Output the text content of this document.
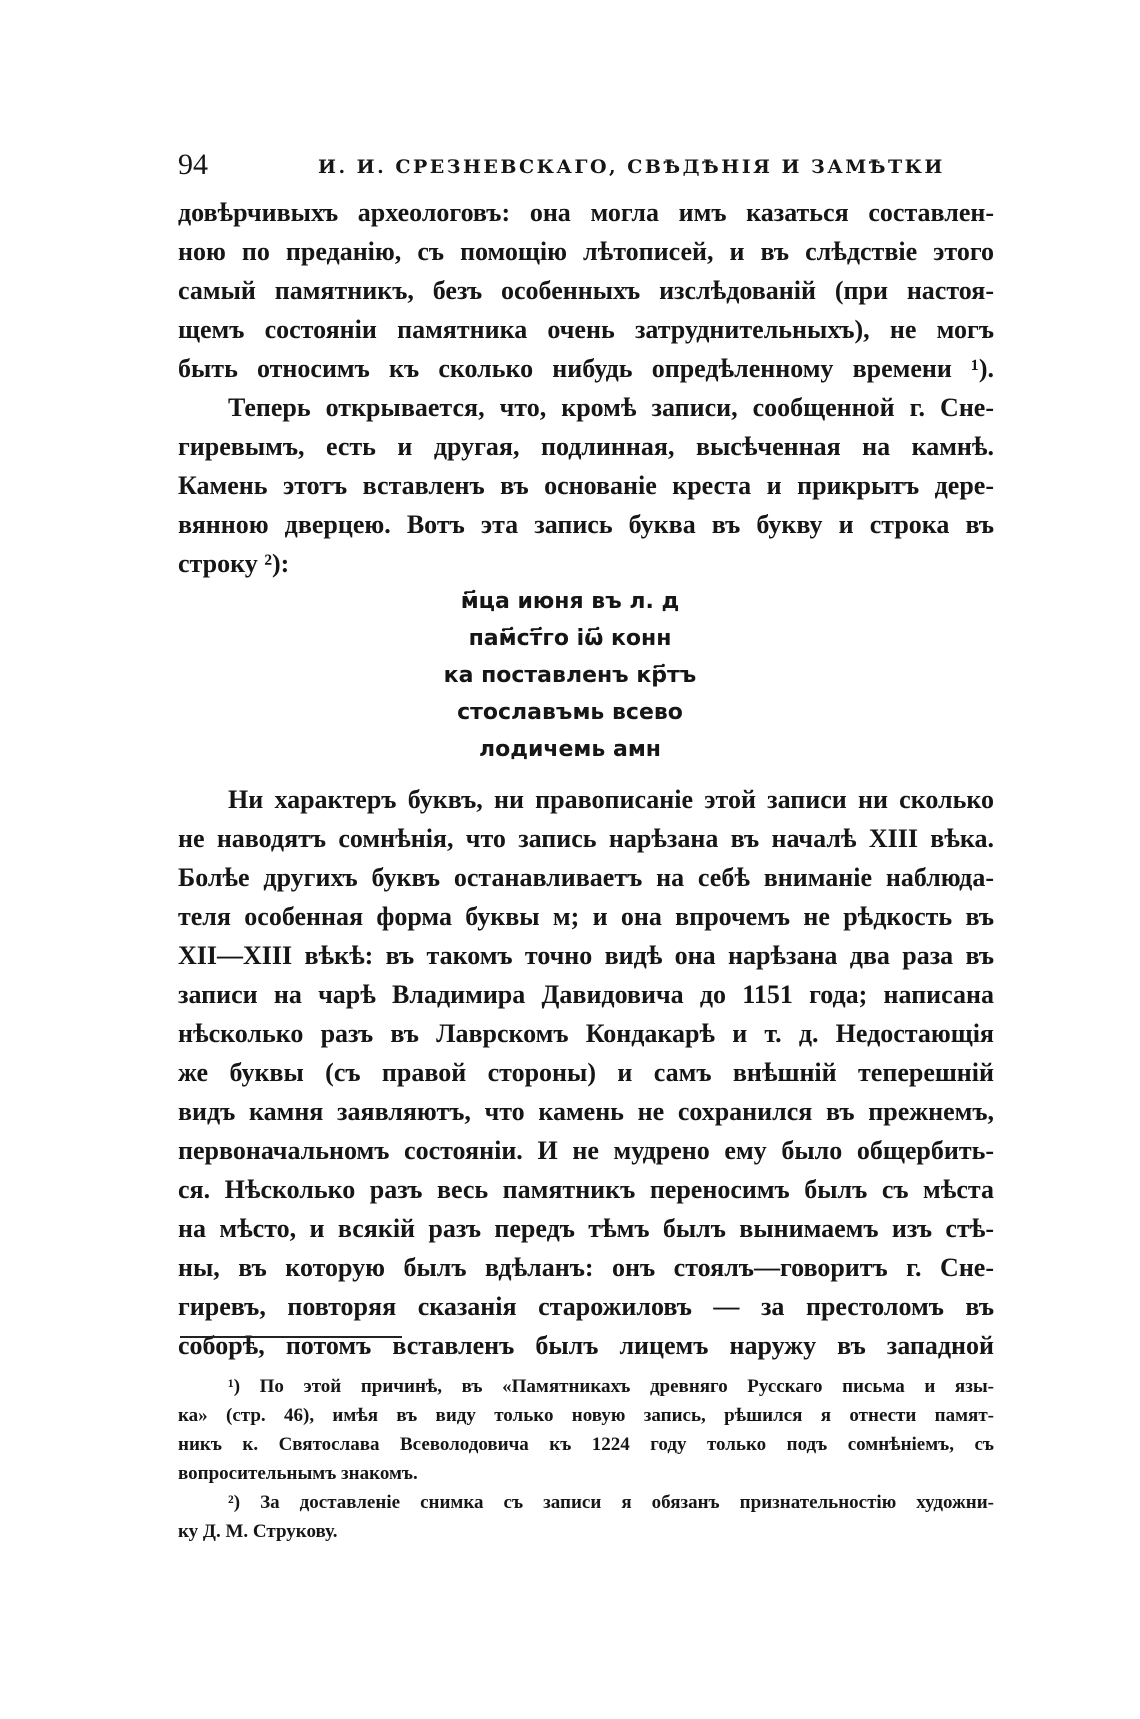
94	И. И. СРЕЗНЕВСКАГО, СВѢДѢНІЯ И ЗАМѢТКИ
довѣрчивыхъ археологовъ: она могла имъ казаться составлен-
ною по преданію, съ помощію лѣтописей, и въ слѣдствіе этого
самый памятникъ, безъ особенныхъ изслѣдованій (при настоя-
щемъ состояніи памятника очень затруднительныхъ), не могъ
быть относимъ къ сколько нибудь опредѣленному времени ¹).
Теперь открывается, что, кромѣ записи, сообщенной г. Сне-
гиревымъ, есть и другая, подлинная, высѣченная на камнѣ.
Камень этотъ вставленъ въ основаніе креста и прикрытъ дере-
вянною дверцею. Вотъ эта запись буква въ букву и строка въ
строку ²):
м҃ца июня въ л. д
пам҃ст҃го іѡ҃ конн
ка поставленъ кр҃тъ
стославъмь всево
лодичемь амн
Ни характеръ буквъ, ни правописаніе этой записи ни сколько
не наводятъ сомнѣнія, что запись нарѣзана въ началѣ XIII вѣка.
Болѣе другихъ буквъ останавливаетъ на себѣ вниманіе наблюда-
теля особенная форма буквы м; и она впрочемъ не рѣдкость въ
XII—XIII вѣкѣ: въ такомъ точно видѣ она нарѣзана два раза въ
записи на чарѣ Владимира Давидовича до 1151 года; написана
нѣсколько разъ въ Лаврскомъ Кондакарѣ и т. д. Недостающія
же буквы (съ правой стороны) и самъ внѣшній теперешній
видъ камня заявляютъ, что камень не сохранился въ прежнемъ,
первоначальномъ состояніи. И не мудрено ему было общербить-
ся. Нѣсколько разъ весь памятникъ переносимъ былъ съ мѣста
на мѣсто, и всякій разъ передъ тѣмъ былъ вынимаемъ изъ стѣ-
ны, въ которую былъ вдѣланъ: онъ стоялъ—говоритъ г. Сне-
гиревъ, повторяя сказанія старожиловъ — за престоломъ въ
соборѣ, потомъ вставленъ былъ лицемъ наружу въ западной
¹) По этой причинѣ, въ «Памятникахъ древняго Русскаго письма и язы-
ка» (стр. 46), имѣя въ виду только новую запись, рѣшился я отнести памят-
никъ к. Святослава Всеволодовича къ 1224 году только подъ сомнѣніемъ, съ
вопросительнымъ знакомъ.
²) За доставленіе снимка съ записи я обязанъ признательностію художни-
ку Д. М. Струкову.
